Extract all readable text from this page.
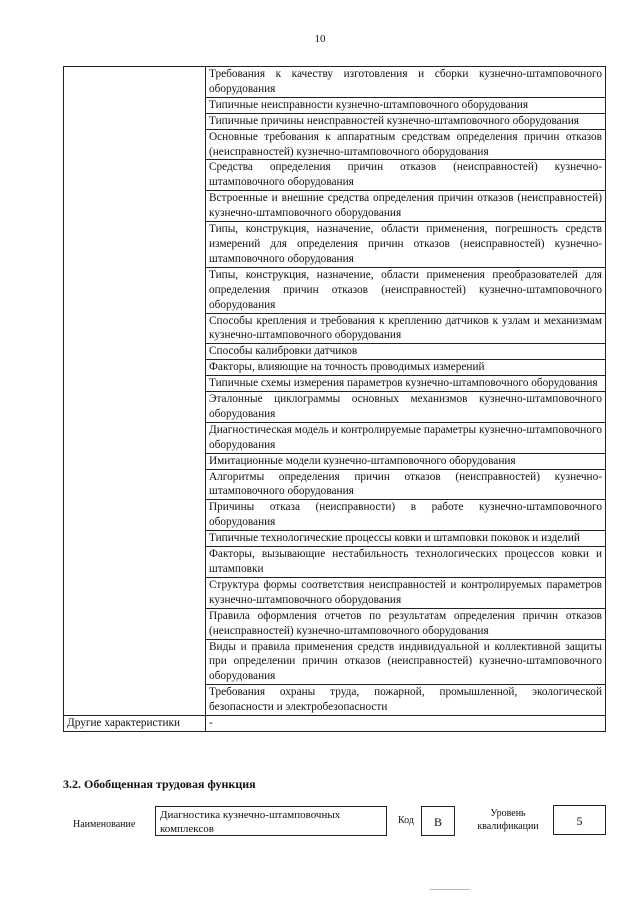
10
	Требования к качеству изготовления и сборки кузнечно-штамповочного оборудования
	Типичные неисправности кузнечно-штамповочного оборудования
	Типичные причины неисправностей кузнечно-штамповочного оборудования
	Основные требования к аппаратным средствам определения причин отказов (неисправностей) кузнечно-штамповочного оборудования
	Средства определения причин отказов (неисправностей) кузнечно-штамповочного оборудования
	Встроенные и внешние средства определения причин отказов (неисправностей) кузнечно-штамповочного оборудования
	Типы, конструкция, назначение, области применения, погрешность средств измерений для определения причин отказов (неисправностей) кузнечно-штамповочного оборудования
	Типы, конструкция, назначение, области применения преобразователей для определения причин отказов (неисправностей) кузнечно-штамповочного оборудования
	Способы крепления и требования к креплению датчиков к узлам и механизмам кузнечно-штамповочного оборудования
	Способы калибровки датчиков
	Факторы, влияющие на точность проводимых измерений
	Типичные схемы измерения параметров кузнечно-штамповочного оборудования
	Эталонные циклограммы основных механизмов кузнечно-штамповочного оборудования
	Диагностическая модель и контролируемые параметры кузнечно-штамповочного оборудования
	Имитационные модели кузнечно-штамповочного оборудования
	Алгоритмы определения причин отказов (неисправностей) кузнечно-штамповочного оборудования
	Причины отказа (неисправности) в работе кузнечно-штамповочного оборудования
	Типичные технологические процессы ковки и штамповки поковок и изделий
	Факторы, вызывающие нестабильность технологических процессов ковки и штамповки
	Структура формы соответствия неисправностей и контролируемых параметров кузнечно-штамповочного оборудования
	Правила оформления отчетов по результатам определения причин отказов (неисправностей) кузнечно-штамповочного оборудования
	Виды и правила применения средств индивидуальной и коллективной защиты при определении причин отказов (неисправностей) кузнечно-штамповочного оборудования
	Требования охраны труда, пожарной, промышленной, экологической безопасности и электробезопасности
Другие характеристики	-
3.2. Обобщенная трудовая функция
Наименование
Диагностика кузнечно-штамповочных комплексов
Код	B
Уровень квалификации	5
